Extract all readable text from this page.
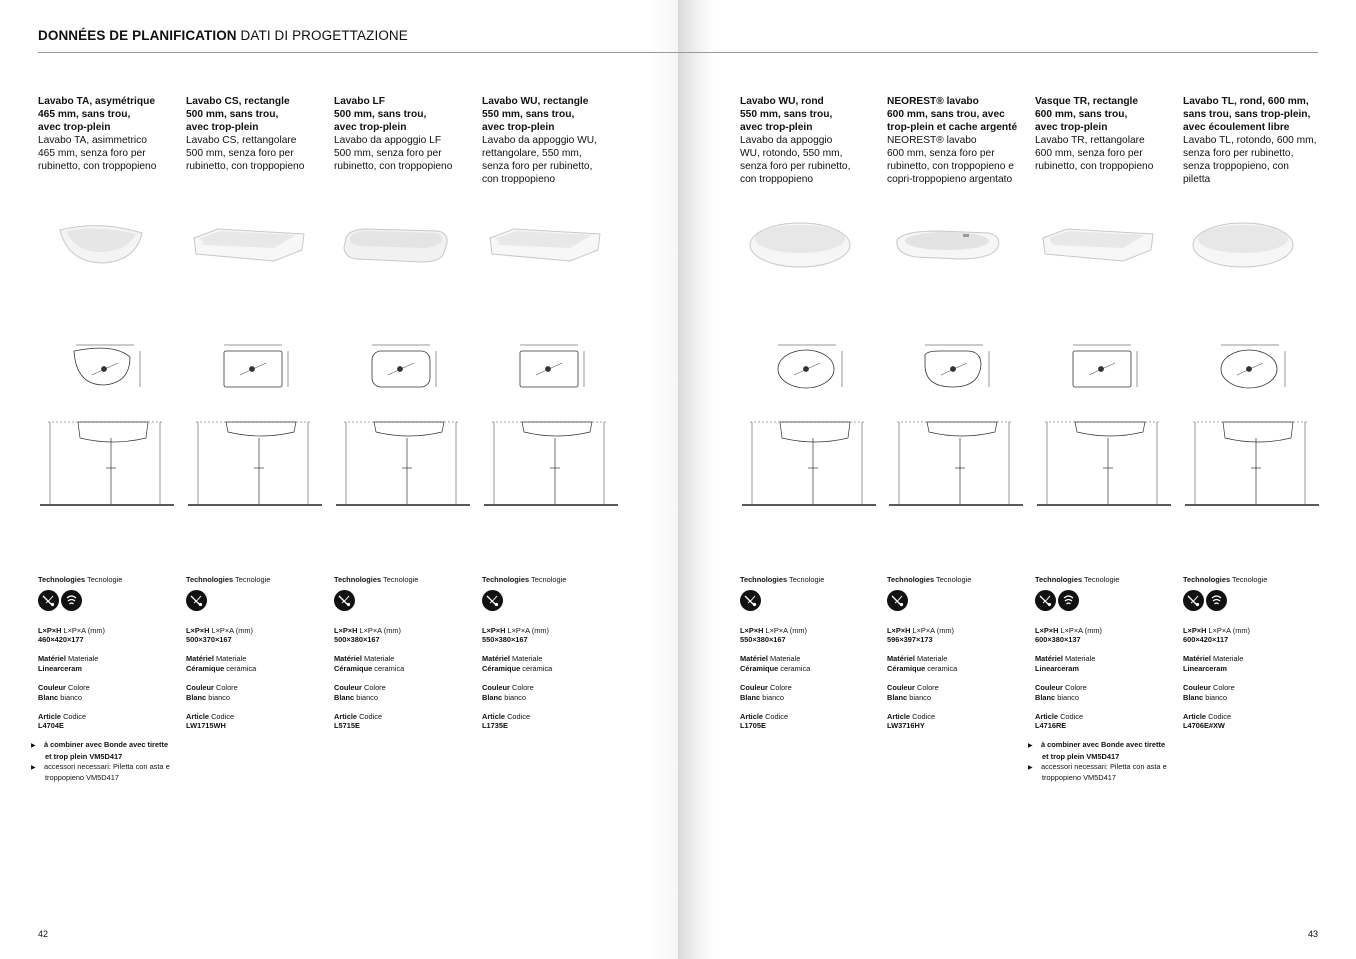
DONNÉES DE PLANIFICATION DATI DI PROGETTAZIONE
Lavabo TA, asymétrique
465 mm, sans trou,
avec trop-plein
Lavabo TA, asimmetrico
465 mm, senza foro per
rubinetto, con troppopieno
Technologies Tecnologie
L×P×H L×P×A (mm)
460×420×177
Matériel Materiale
Linearceram
Couleur Colore
Blanc bianco
Article Codice
L4704E
▶ à combiner avec Bonde avec tirette
et trop plein VM5D417
▶ accessori necessari: Piletta con asta e
troppopieno VM5D417
Lavabo CS, rectangle
500 mm, sans trou,
avec trop-plein
Lavabo CS, rettangolare
500 mm, senza foro per
rubinetto, con troppopieno
Technologies Tecnologie
L×P×H L×P×A (mm)
500×370×167
Matériel Materiale
Céramique ceramica
Couleur Colore
Blanc bianco
Article Codice
LW1715WH
Lavabo LF
500 mm, sans trou,
avec trop-plein
Lavabo da appoggio LF
500 mm, senza foro per
rubinetto, con troppopieno
Technologies Tecnologie
L×P×H L×P×A (mm)
500×380×167
Matériel Materiale
Céramique ceramica
Couleur Colore
Blanc bianco
Article Codice
L5715E
Lavabo WU, rectangle
550 mm, sans trou,
avec trop-plein
Lavabo da appoggio WU,
rettangolare, 550 mm,
senza foro per rubinetto,
con troppopieno
Technologies Tecnologie
L×P×H L×P×A (mm)
550×380×167
Matériel Materiale
Céramique ceramica
Couleur Colore
Blanc bianco
Article Codice
L1735E
Lavabo WU, rond
550 mm, sans trou,
avec trop-plein
Lavabo da appoggio
WU, rotondo, 550 mm,
senza foro per rubinetto,
con troppopieno
Technologies Tecnologie
L×P×H L×P×A (mm)
550×380×167
Matériel Materiale
Céramique ceramica
Couleur Colore
Blanc bianco
Article Codice
L1705E
NEOREST® lavabo
600 mm, sans trou, avec
trop-plein et cache argenté
NEOREST® lavabo
600 mm, senza foro per
rubinetto, con troppopieno e
copri-troppopieno argentato
Technologies Tecnologie
L×P×H L×P×A (mm)
596×397×173
Matériel Materiale
Céramique ceramica
Couleur Colore
Blanc bianco
Article Codice
LW3716HY
Vasque TR, rectangle
600 mm, sans trou,
avec trop-plein
Lavabo TR, rettangolare
600 mm, senza foro per
rubinetto, con troppopieno
Technologies Tecnologie
L×P×H L×P×A (mm)
600×380×137
Matériel Materiale
Linearceram
Couleur Colore
Blanc bianco
Article Codice
L4716RE
▶ à combiner avec Bonde avec tirette
et trop plein VM5D417
▶ accessori necessari: Piletta con asta e
troppopieno VM5D417
Lavabo TL, rond, 600 mm,
sans trou, sans trop-plein,
avec écoulement libre
Lavabo TL, rotondo, 600 mm,
senza foro per rubinetto,
senza troppopieno, con
piletta
Technologies Tecnologie
L×P×H L×P×A (mm)
600×420×117
Matériel Materiale
Linearceram
Couleur Colore
Blanc bianco
Article Codice
L4706E#XW
42	43
